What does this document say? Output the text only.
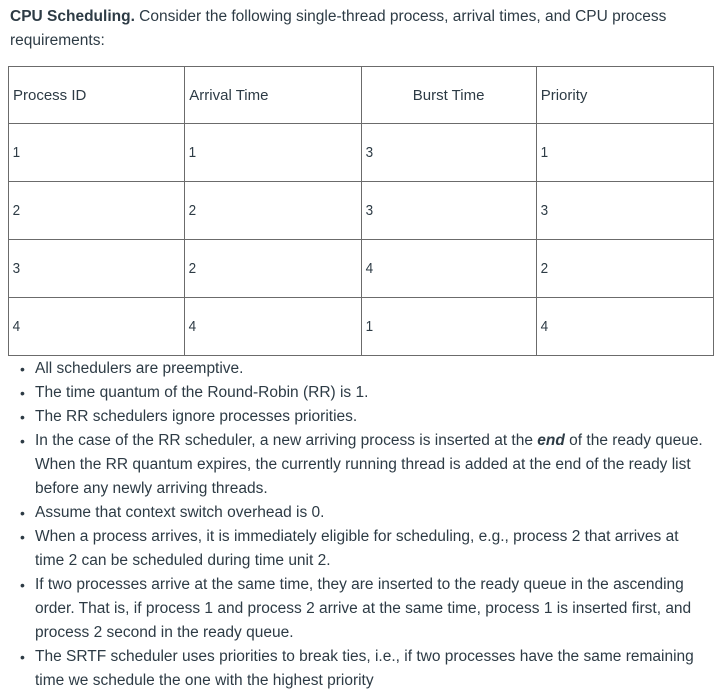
CPU Scheduling. Consider the following single-thread process, arrival times, and CPU process requirements:
Process ID	Arrival Time	Burst Time	Priority
1	1	3	1
2	2	3	3
3	2	4	2
4	4	1	4
• All schedulers are preemptive.
• The time quantum of the Round-Robin (RR) is 1.
• The RR schedulers ignore processes priorities.
• In the case of the RR scheduler, a new arriving process is inserted at the end of the ready queue. When the RR quantum expires, the currently running thread is added at the end of the ready list before any newly arriving threads.
• Assume that context switch overhead is 0.
• When a process arrives, it is immediately eligible for scheduling, e.g., process 2 that arrives at time 2 can be scheduled during time unit 2.
• If two processes arrive at the same time, they are inserted to the ready queue in the ascending order. That is, if process 1 and process 2 arrive at the same time, process 1 is inserted first, and process 2 second in the ready queue.
• The SRTF scheduler uses priorities to break ties, i.e., if two processes have the same remaining time we schedule the one with the highest priority
